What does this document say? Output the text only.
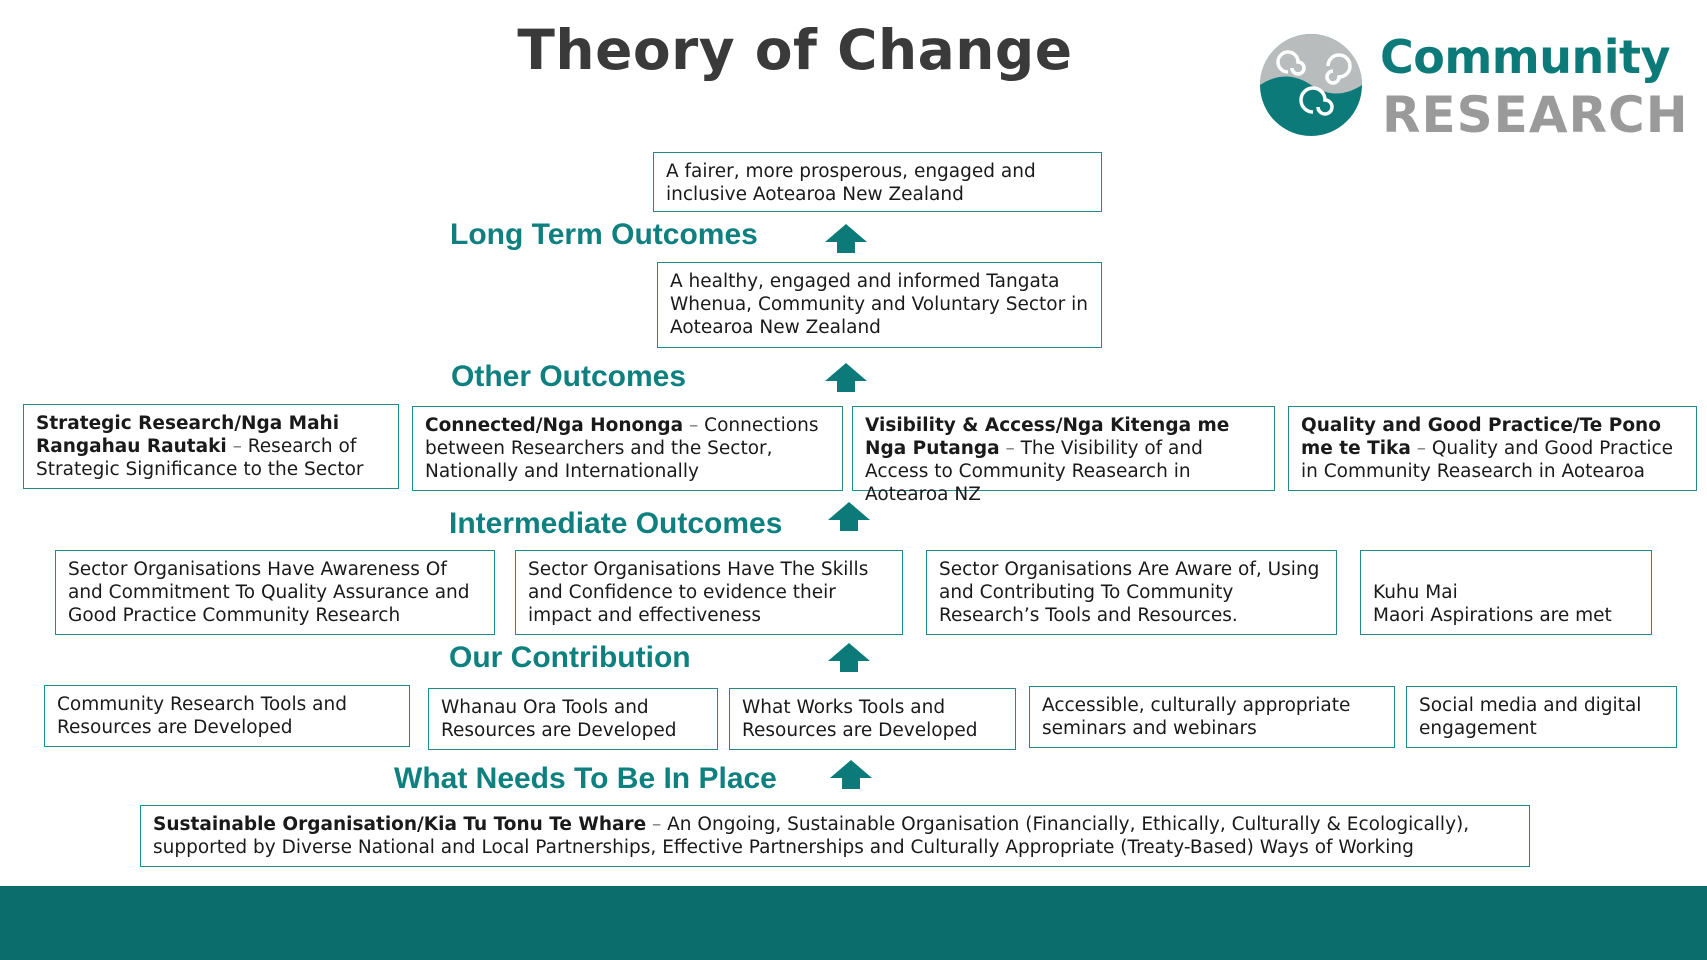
Theory of Change	Community
RESEARCH
A fairer, more prosperous, engaged and inclusive Aotearoa New Zealand
Long Term Outcomes
A healthy, engaged and informed Tangata Whenua, Community and Voluntary Sector in Aotearoa New Zealand
Other Outcomes
Strategic Research/Nga Mahi Rangahau Rautaki – Research of Strategic Significance to the Sector
Connected/Nga Hononga – Connections between Researchers and the Sector, Nationally and Internationally
Visibility & Access/Nga Kitenga me Nga Putanga – The Visibility of and Access to Community Reasearch in Aotearoa NZ
Quality and Good Practice/Te Pono me te Tika – Quality and Good Practice in Community Reasearch in Aotearoa
Intermediate Outcomes
Sector Organisations Have Awareness Of and Commitment To Quality Assurance and Good Practice Community Research
Sector Organisations Have The Skills and Confidence to evidence their impact and effectiveness
Sector Organisations Are Aware of, Using and Contributing To Community Research’s Tools and Resources.

Kuhu Mai
Maori Aspirations are met

Our Contribution
Community Research Tools and Resources are Developed
Whanau Ora Tools and Resources are Developed
What Works Tools and Resources are Developed
Accessible, culturally appropriate seminars and webinars
Social media and digital engagement
What Needs To Be In Place
Sustainable Organisation/Kia Tu Tonu Te Whare – An Ongoing, Sustainable Organisation (Financially, Ethically, Culturally & Ecologically), supported by Diverse National and Local Partnerships, Effective Partnerships and Culturally Appropriate (Treaty-Based) Ways of Working
